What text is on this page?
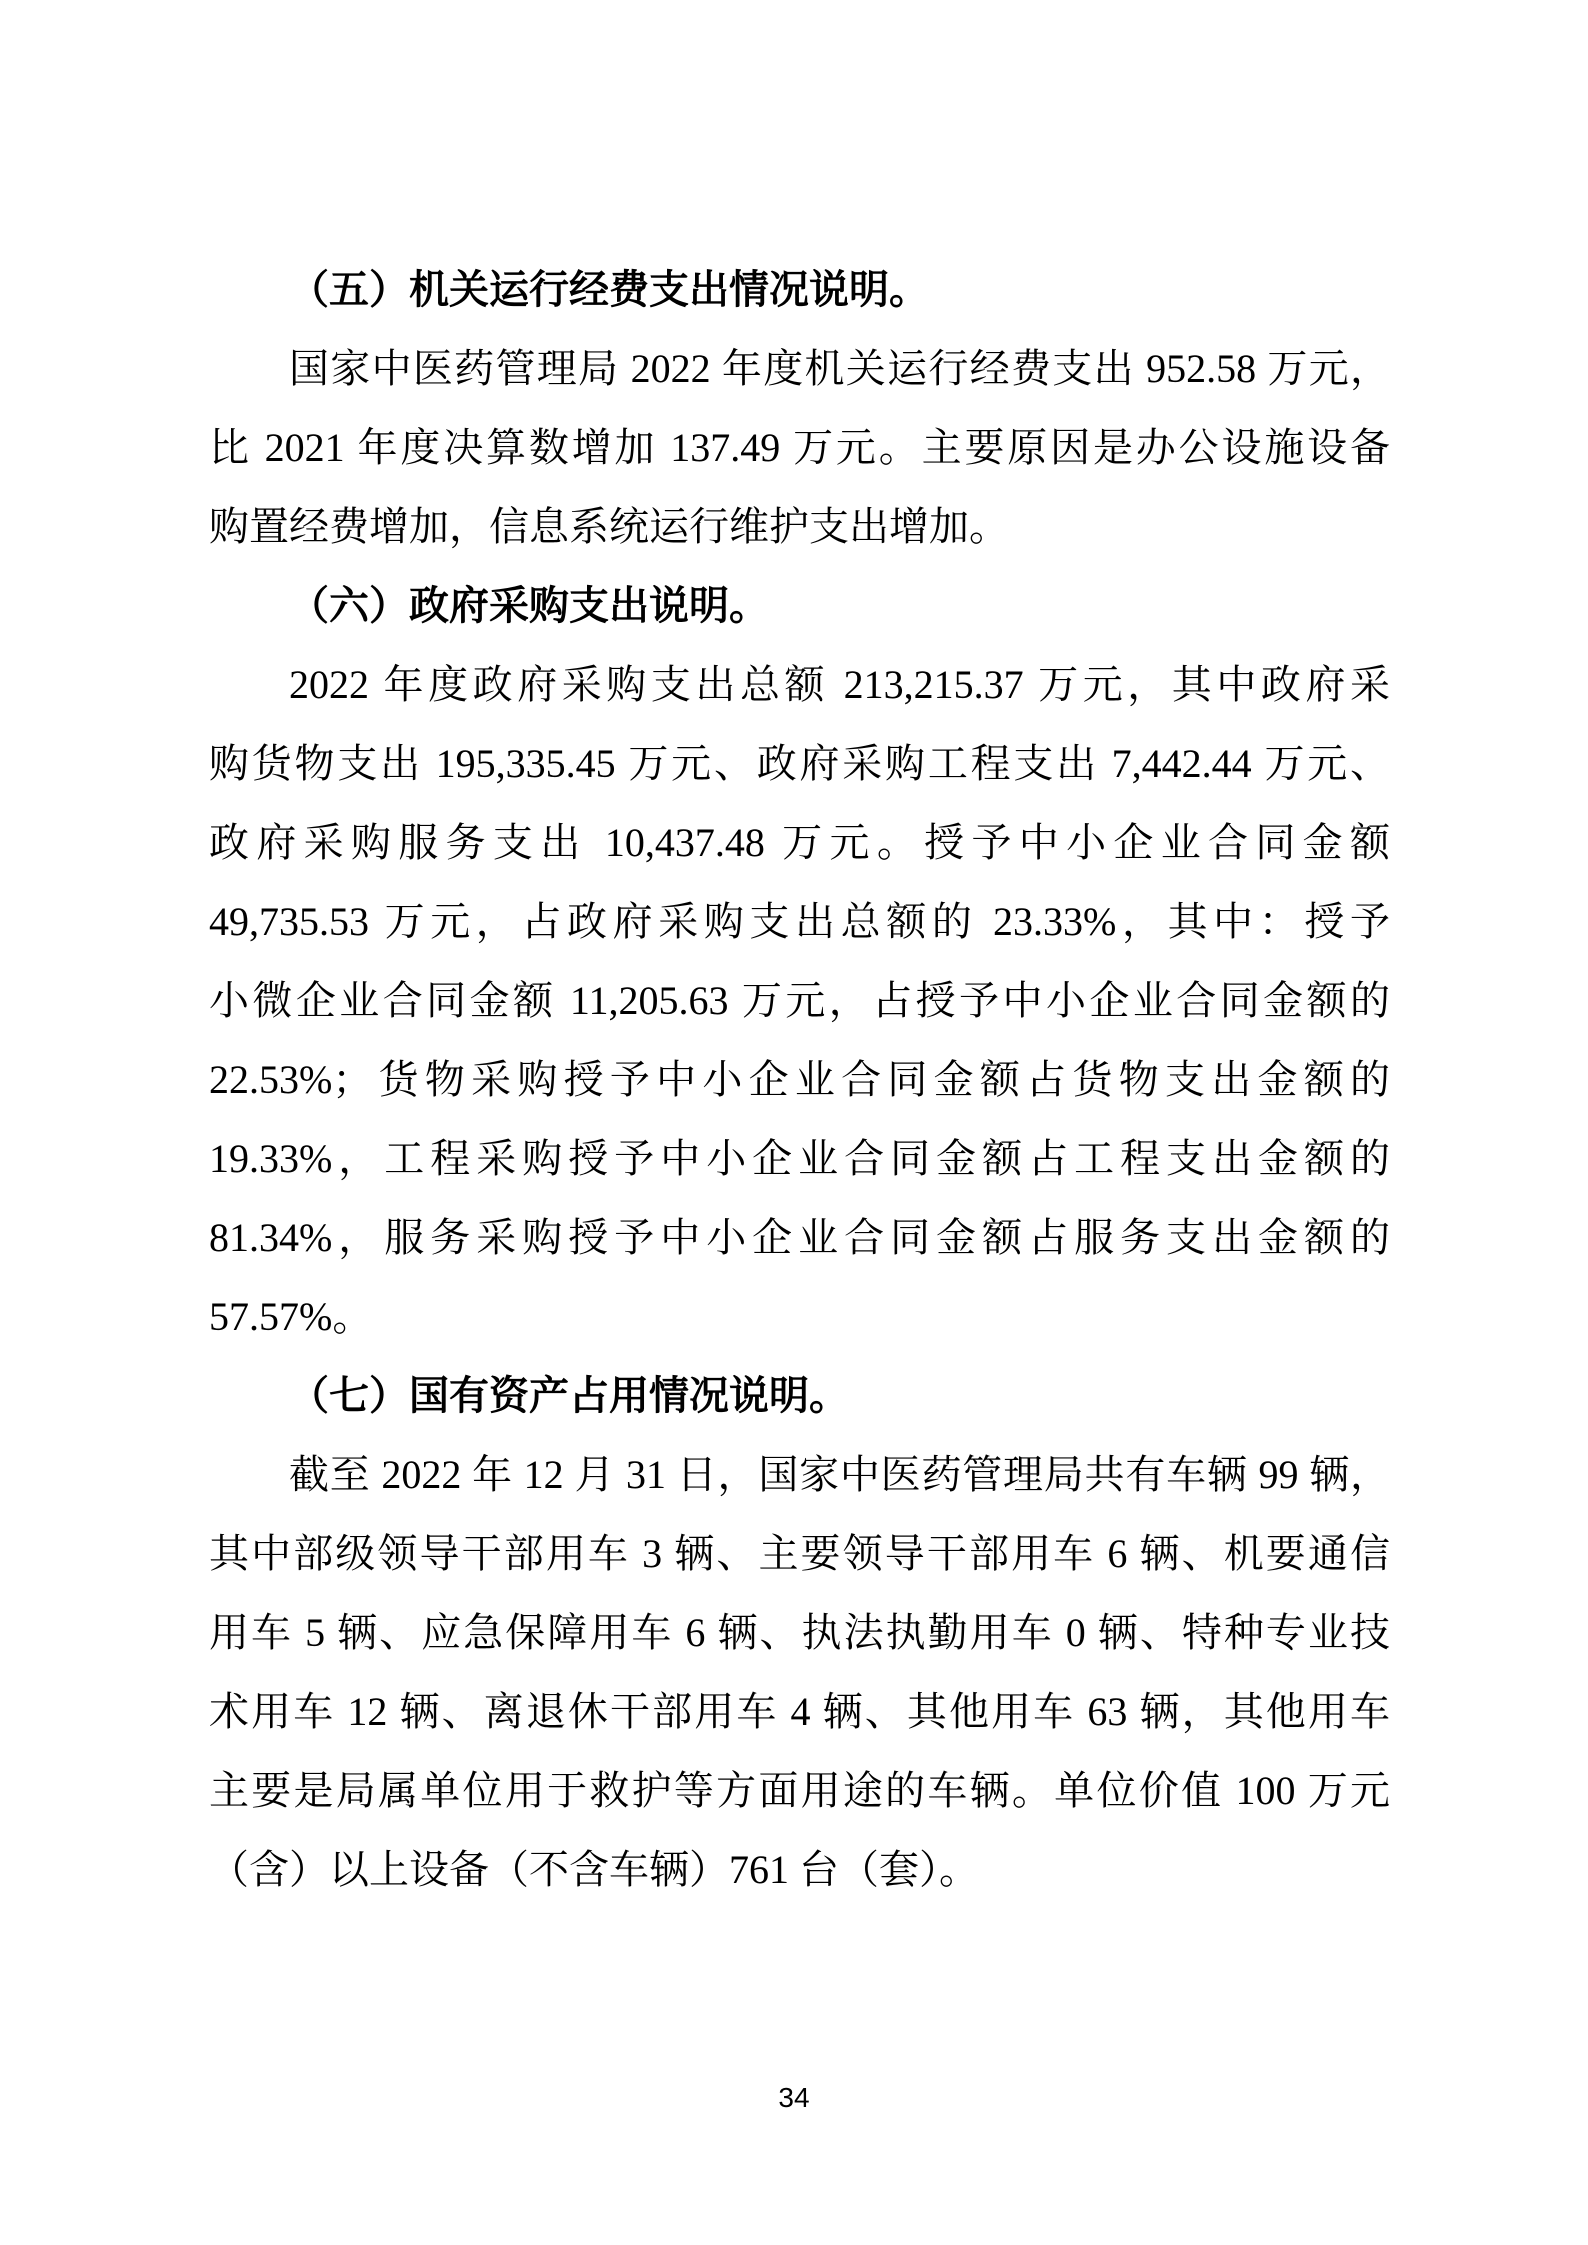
（五）机关运行经费支出情况说明。
国家中医药管理局 2022 年度机关运行经费支出 952.58 万元，
比 2021 年度决算数增加 137.49 万元。主要原因是办公设施设备
购置经费增加，信息系统运行维护支出增加。
（六）政府采购支出说明。
2022 年度政府采购支出总额 213,215.37 万元，其中政府采
购货物支出 195,335.45 万元、政府采购工程支出 7,442.44 万元、
政府采购服务支出 10,437.48 万元。授予中小企业合同金额
49,735.53 万元，占政府采购支出总额的 23.33%，其中：授予
小微企业合同金额 11,205.63 万元，占授予中小企业合同金额的
22.53%；货物采购授予中小企业合同金额占货物支出金额的
19.33%，工程采购授予中小企业合同金额占工程支出金额的
81.34%，服务采购授予中小企业合同金额占服务支出金额的
57.57%。
（七）国有资产占用情况说明。
截至 2022 年 12 月 31 日，国家中医药管理局共有车辆 99 辆，
其中部级领导干部用车 3 辆、主要领导干部用车 6 辆、机要通信
用车 5 辆、应急保障用车 6 辆、执法执勤用车 0 辆、特种专业技
术用车 12 辆、离退休干部用车 4 辆、其他用车 63 辆，其他用车
主要是局属单位用于救护等方面用途的车辆。单位价值 100 万元
（含）以上设备（不含车辆）761 台（套）。
34
